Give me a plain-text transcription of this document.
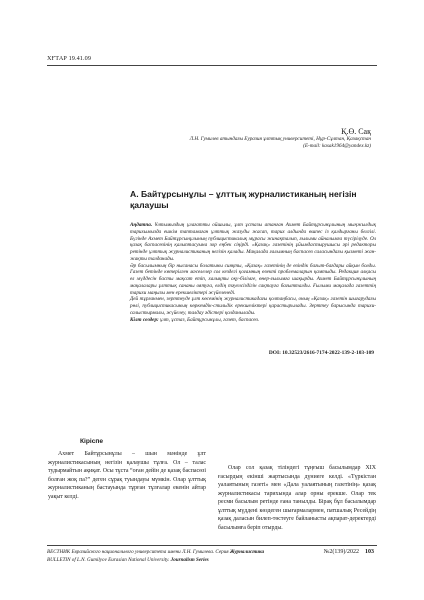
ХҒТАР 19.41.09
Қ.Ө. Сақ
Л.Н. Гумилев атындағы Еуразия ұлттық университеті, Нұр-Сұлтан, Қазақстан
(E-mail: kasak1964@yandex.kz)
А. Байтұрсынұлы – ұлттық журналистиканың негізін
қалаушы

Аңдатпа. Ұлтымыздың ұлағатты ойшылы, ұлт ұстазы атанған Ахмет Байтұрсынұлының мыңжылдық тарихымызда ешкім таптамаған ұлттық жазуды жасап, тарих алдында өшпес із қалдырғаны белгілі. Бүгінде Ахмет Байтұрсынұлының публицистикалық мұрасы жинақталып, ғылыми айналымға түсірілуде. Ол қазақ баспасөзінің қалыптасуына зор еңбек сіңірді. «Қазақ» газетінің ұйымдастырушысы әрі редакторы ретінде ұлттық журналистиканың негізін қалады. Мақалада ғалымның баспасөз саласындағы қызметі жан-жақты талданады.

Әр басылымның бір нысанасы болатыны сияқты, «Қазақ» газетінің де өзіндік бағыт-бағдары айқын болды. Газет бетінде көтерілген мәселелер сол кездегі қоғамның өзекті проблемаларын қамтыды. Редакция алқасы ел мүддесін басты мақсат етіп, халықты оқу-білімге, өнер-ғылымға шақырды. Ахмет Байтұрсынұлының мақалалары ұлттық сананы оятуға, елдің тәуелсіздігін сақтауға бағытталды. Ғылыми мақалада газеттің тарихи маңызы мен ерекшеліктері жүйеленеді.

Дей тұрғанмен, зерттеуде ұлт көсемінің журналистикадағы қолтаңбасы, оның «Қазақ» газетін шығарудағы рөлі, публицистикасының көркемдік-стильдік ерекшеліктері қарастырылады. Зерттеу барысында тарихи-салыстырмалы, жүйелеу, талдау әдістері қолданылады.

Кілт сөздер: ұлт, ұстаз, Байтұрсынұлы, газет, баспасөз.

DOI: 10.32523/2616-7174-2022-139-2-103-109
Кіріспе

Ахмет Байтұрсынұлы – шын мәнінде ұлт журналистикасының негізін қалаушы тұлға. Ол – талас тудырмайтын ақиқат. Осы тұста “оған дейін де қазақ баспасөзі болған жоқ па?” деген сұрақ туындауы мүмкін. Олар ұлттық журналистиканың бастауында тұрған тұлғалар екенін айтар уақыт келді.

Олар сол қазақ тіліндегі тұңғыш басылымдар ХІХ ғасырдың екінші жартысында дүниеге келді. «Түркістан уалаятының газеті» мен «Дала уалаятының газетінің» қазақ журналистикасы тарихында алар орны ерекше. Олар тек ресми басылым ретінде ғана танылды. Бірақ бұл басылымдар ұлттық мүддені көздеген шығармалармен, патшалық Ресейдің қазақ даласын билеп-төстеуге байланысты ақпарат-деректерді басылымға беріп отырды.

ВЕСТНИК Евразийского национального университета имени Л.Н. Гумилева. Серия Журналистика
BULLETIN of L.N. Gumilyov Eurasian National University. Journalism Series
№2(139)/2022 103
